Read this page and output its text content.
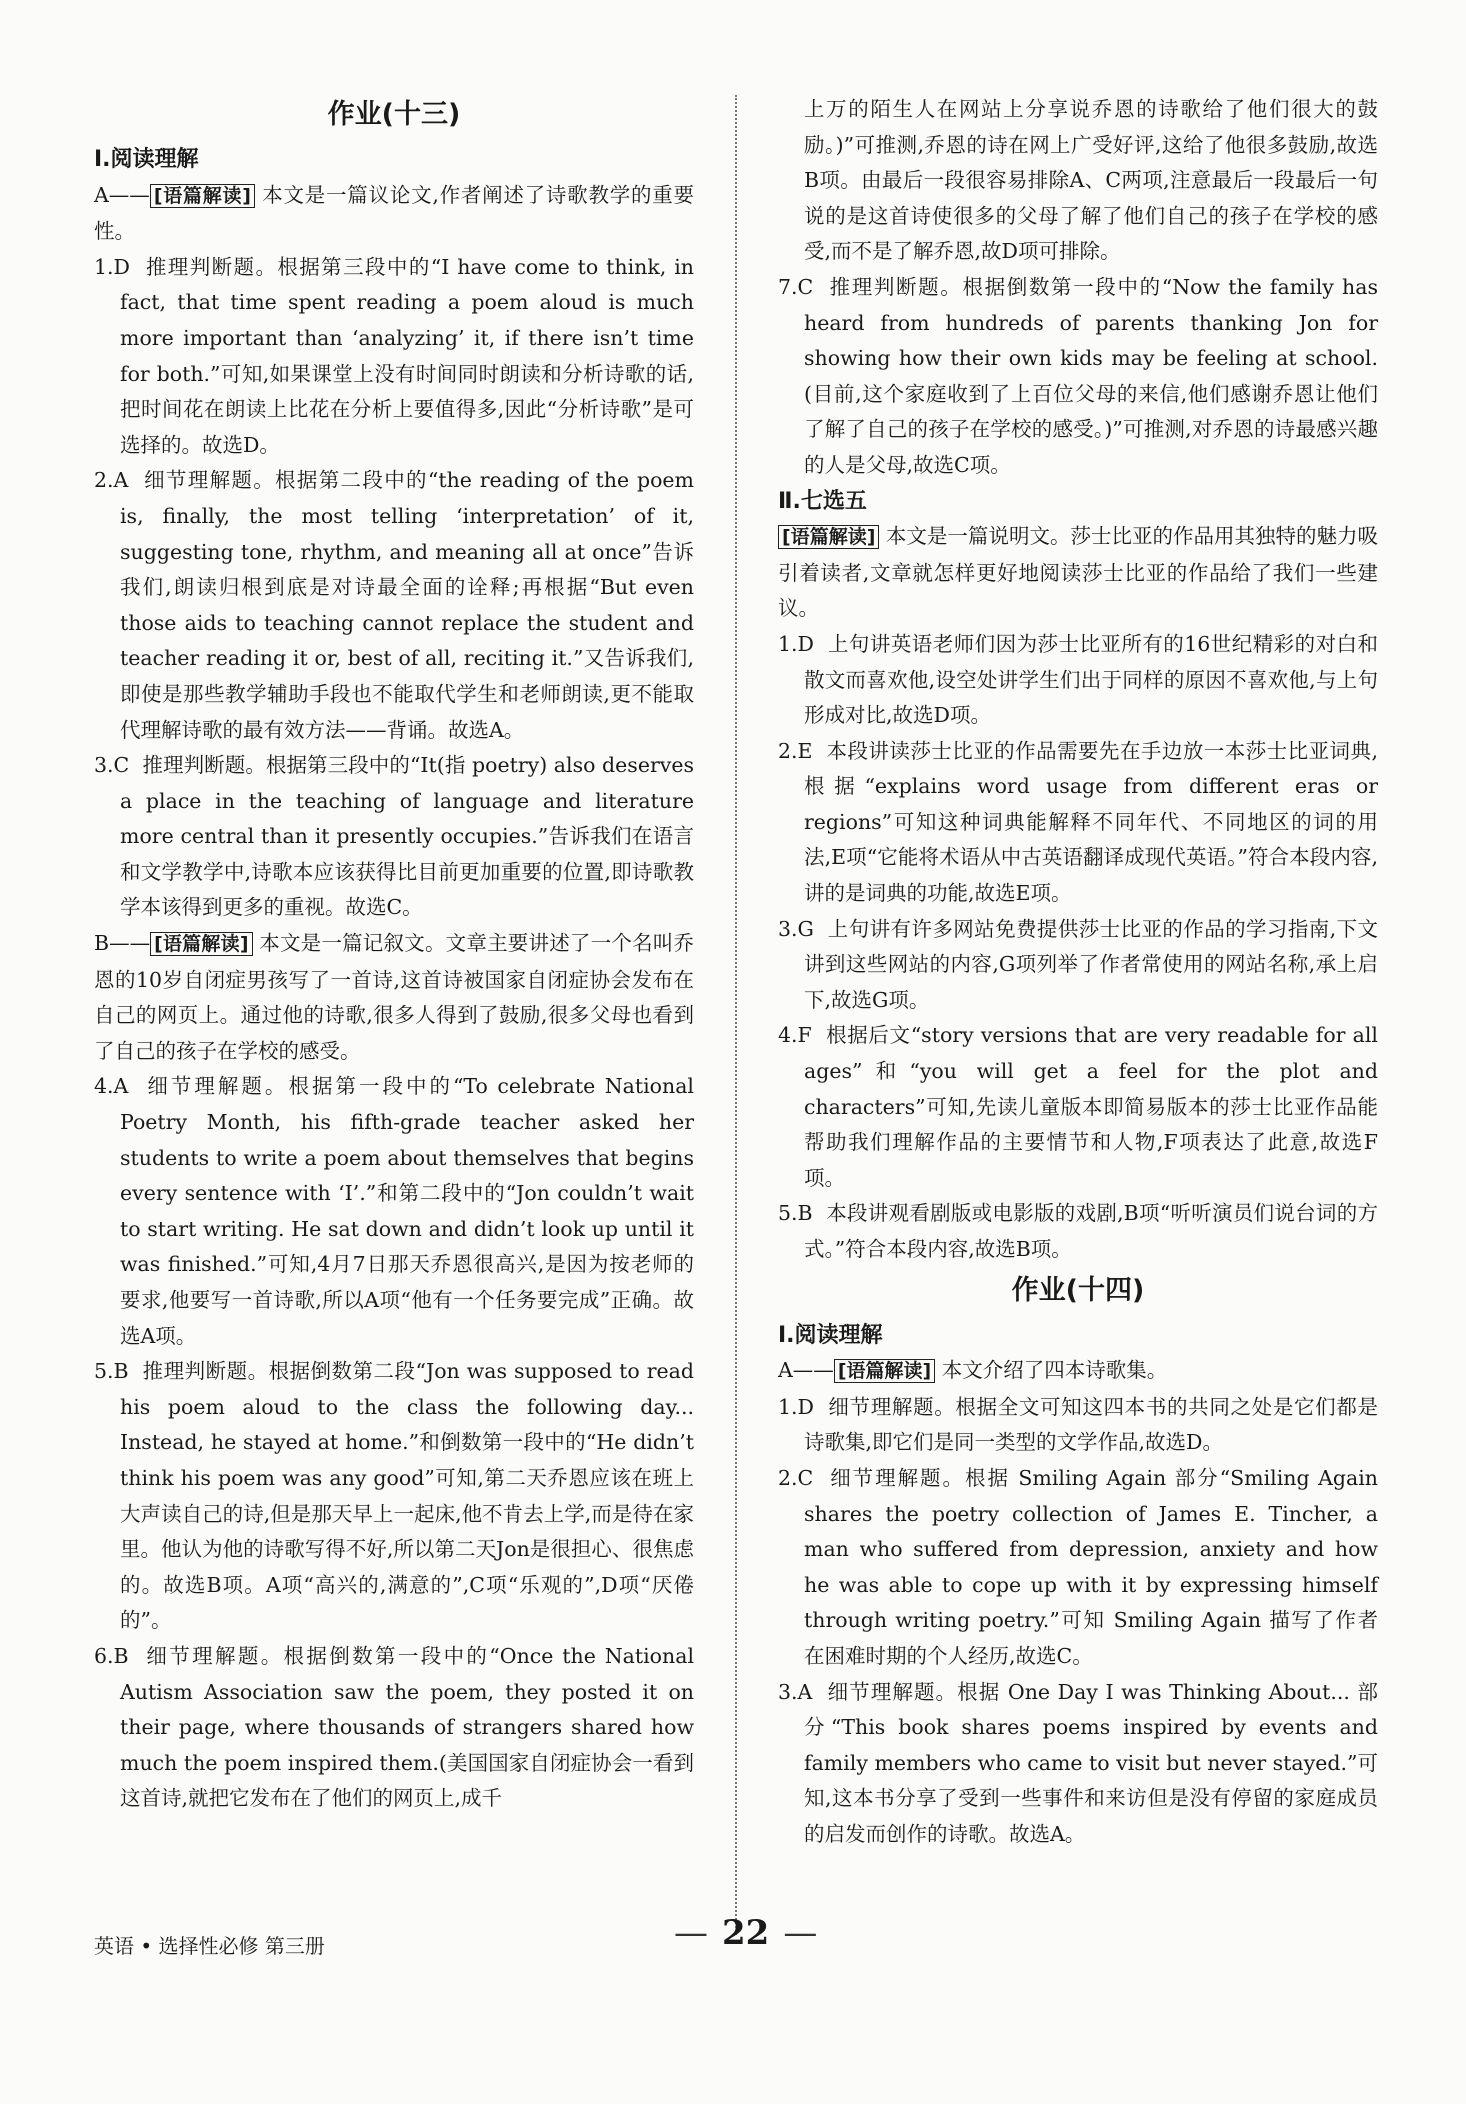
作业(十三)
Ⅰ.阅读理解
A—— [语篇解读] 本文是一篇议论文,作者阐述了诗歌教学的重要性。
1.D 推理判断题。根据第三段中的“I have come to think, in fact, that time spent reading a poem aloud is much more important than ‘analyzing’ it, if there isn’t time for both.”可知,如果课堂上没有时间同时朗读和分析诗歌的话,把时间花在朗读上比花在分析上要值得多,因此“分析诗歌”是可选择的。故选D。
2.A 细节理解题。根据第二段中的“the reading of the poem is, finally, the most telling ‘interpretation’ of it, suggesting tone, rhythm, and meaning all at once”告诉我们,朗读归根到底是对诗最全面的诠释;再根据“But even those aids to teaching cannot replace the student and teacher reading it or, best of all, reciting it.”又告诉我们,即使是那些教学辅助手段也不能取代学生和老师朗读,更不能取代理解诗歌的最有效方法——背诵。故选A。
3.C 推理判断题。根据第三段中的“It(指 poetry) also deserves a place in the teaching of language and literature more central than it presently occupies.”告诉我们在语言和文学教学中,诗歌本应该获得比目前更加重要的位置,即诗歌教学本该得到更多的重视。故选C。
B—— [语篇解读] 本文是一篇记叙文。文章主要讲述了一个名叫乔恩的10岁自闭症男孩写了一首诗,这首诗被国家自闭症协会发布在自己的网页上。通过他的诗歌,很多人得到了鼓励,很多父母也看到了自己的孩子在学校的感受。
4.A 细节理解题。根据第一段中的“To celebrate National Poetry Month, his fifth-grade teacher asked her students to write a poem about themselves that begins every sentence with ‘I’.”和第二段中的“Jon couldn’t wait to start writing. He sat down and didn’t look up until it was finished.”可知,4月7日那天乔恩很高兴,是因为按老师的要求,他要写一首诗歌,所以A项“他有一个任务要完成”正确。故选A项。
5.B 推理判断题。根据倒数第二段“Jon was supposed to read his poem aloud to the class the following day... Instead, he stayed at home.”和倒数第一段中的“He didn’t think his poem was any good”可知,第二天乔恩应该在班上大声读自己的诗,但是那天早上一起床,他不肯去上学,而是待在家里。他认为他的诗歌写得不好,所以第二天Jon是很担心、很焦虑的。故选B项。A项“高兴的,满意的”,C项“乐观的”,D项“厌倦的”。
6.B 细节理解题。根据倒数第一段中的“Once the National Autism Association saw the poem, they posted it on their page, where thousands of strangers shared how much the poem inspired them.(美国国家自闭症协会一看到这首诗,就把它发布在了他们的网页上,成千
上万的陌生人在网站上分享说乔恩的诗歌给了他们很大的鼓励。)”可推测,乔恩的诗在网上广受好评,这给了他很多鼓励,故选B项。由最后一段很容易排除A、C两项,注意最后一段最后一句说的是这首诗使很多的父母了解了他们自己的孩子在学校的感受,而不是了解乔恩,故D项可排除。
7.C 推理判断题。根据倒数第一段中的“Now the family has heard from hundreds of parents thanking Jon for showing how their own kids may be feeling at school.(目前,这个家庭收到了上百位父母的来信,他们感谢乔恩让他们了解了自己的孩子在学校的感受。)”可推测,对乔恩的诗最感兴趣的人是父母,故选C项。
Ⅱ.七选五
[语篇解读] 本文是一篇说明文。莎士比亚的作品用其独特的魅力吸引着读者,文章就怎样更好地阅读莎士比亚的作品给了我们一些建议。
1.D 上句讲英语老师们因为莎士比亚所有的16世纪精彩的对白和散文而喜欢他,设空处讲学生们出于同样的原因不喜欢他,与上句形成对比,故选D项。
2.E 本段讲读莎士比亚的作品需要先在手边放一本莎士比亚词典,根据“explains word usage from different eras or regions”可知这种词典能解释不同年代、不同地区的词的用法,E项“它能将术语从中古英语翻译成现代英语。”符合本段内容,讲的是词典的功能,故选E项。
3.G 上句讲有许多网站免费提供莎士比亚的作品的学习指南,下文讲到这些网站的内容,G项列举了作者常使用的网站名称,承上启下,故选G项。
4.F 根据后文“story versions that are very readable for all ages”和“you will get a feel for the plot and characters”可知,先读儿童版本即简易版本的莎士比亚作品能帮助我们理解作品的主要情节和人物,F项表达了此意,故选F项。
5.B 本段讲观看剧版或电影版的戏剧,B项“听听演员们说台词的方式。”符合本段内容,故选B项。
作业(十四)
Ⅰ.阅读理解
A—— [语篇解读] 本文介绍了四本诗歌集。
1.D 细节理解题。根据全文可知这四本书的共同之处是它们都是诗歌集,即它们是同一类型的文学作品,故选D。
2.C 细节理解题。根据 Smiling Again 部分“Smiling Again shares the poetry collection of James E. Tincher, a man who suffered from depression, anxiety and how he was able to cope up with it by expressing himself through writing poetry.”可知 Smiling Again 描写了作者在困难时期的个人经历,故选C。
3.A 细节理解题。根据 One Day I was Thinking About... 部分“This book shares poems inspired by events and family members who came to visit but never stayed.”可知,这本书分享了受到一些事件和来访但是没有停留的家庭成员的启发而创作的诗歌。故选A。
英语 • 选择性必修 第三册	— 22 —
